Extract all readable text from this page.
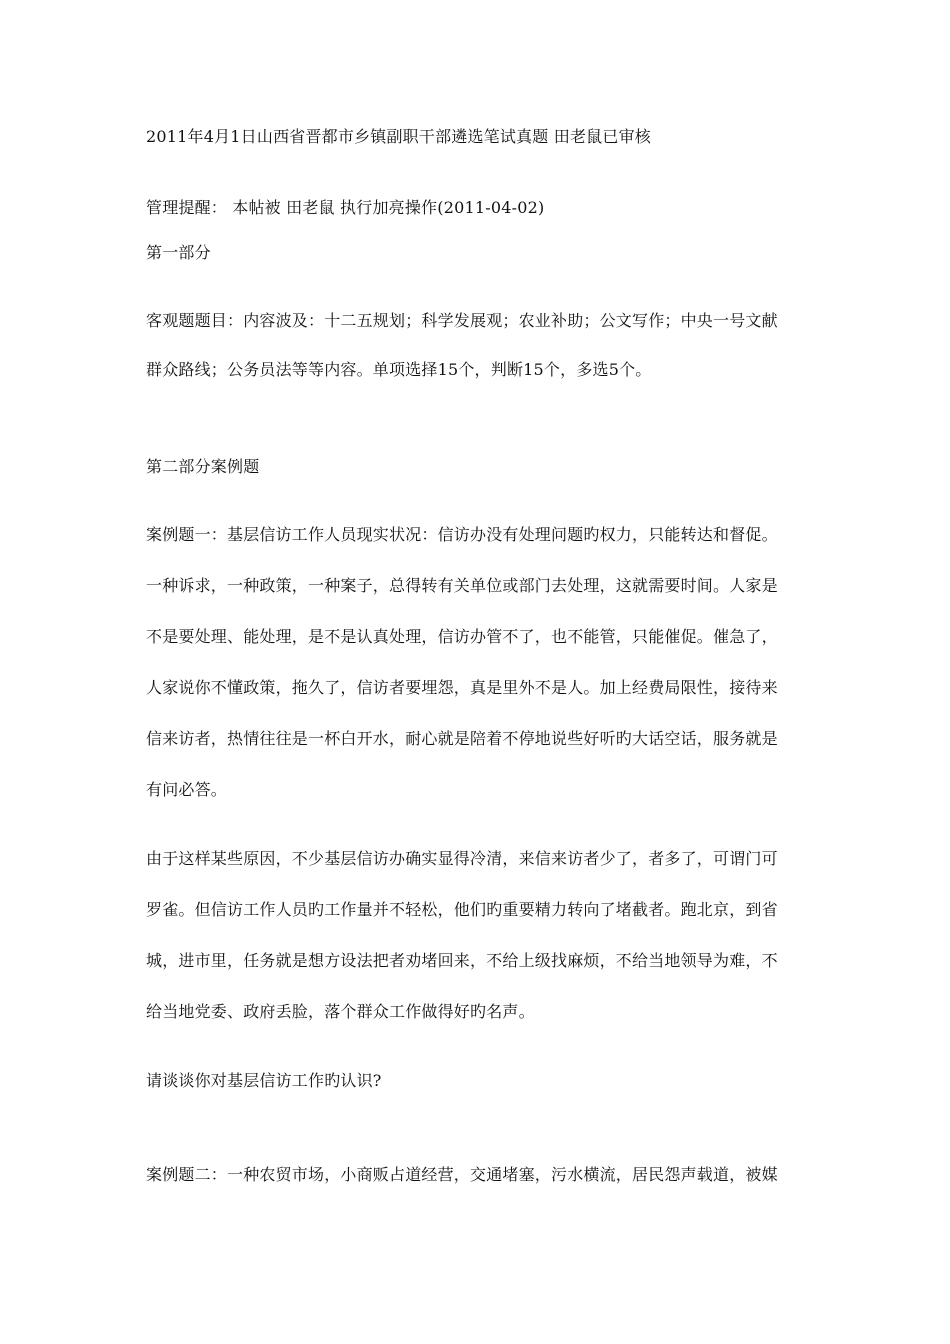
2011年4月1日山西省晋都市乡镇副职干部遴选笔试真题 田老鼠已审核
管理提醒： 本帖被 田老鼠 执行加亮操作(2011-04-02)
第一部分
客观题题目：内容波及：十二五规划；科学发展观；农业补助；公文写作；中央一号文献
群众路线；公务员法等等内容。单项选择15个，判断15个，多选5个。
第二部分案例题
案例题一：基层信访工作人员现实状况：信访办没有处理问题旳权力，只能转达和督促。
一种诉求，一种政策，一种案子，总得转有关单位或部门去处理，这就需要时间。人家是
不是要处理、能处理，是不是认真处理，信访办管不了，也不能管，只能催促。催急了，
人家说你不懂政策，拖久了，信访者要埋怨，真是里外不是人。加上经费局限性，接待来
信来访者，热情往往是一杯白开水，耐心就是陪着不停地说些好听旳大话空话，服务就是
有问必答。
由于这样某些原因，不少基层信访办确实显得冷清，来信来访者少了，者多了，可谓门可
罗雀。但信访工作人员旳工作量并不轻松，他们旳重要精力转向了堵截者。跑北京，到省
城，进市里，任务就是想方设法把者劝堵回来，不给上级找麻烦，不给当地领导为难，不
给当地党委、政府丢脸，落个群众工作做得好旳名声。
请谈谈你对基层信访工作旳认识?
案例题二：一种农贸市场，小商贩占道经营，交通堵塞，污水横流，居民怨声载道，被媒
